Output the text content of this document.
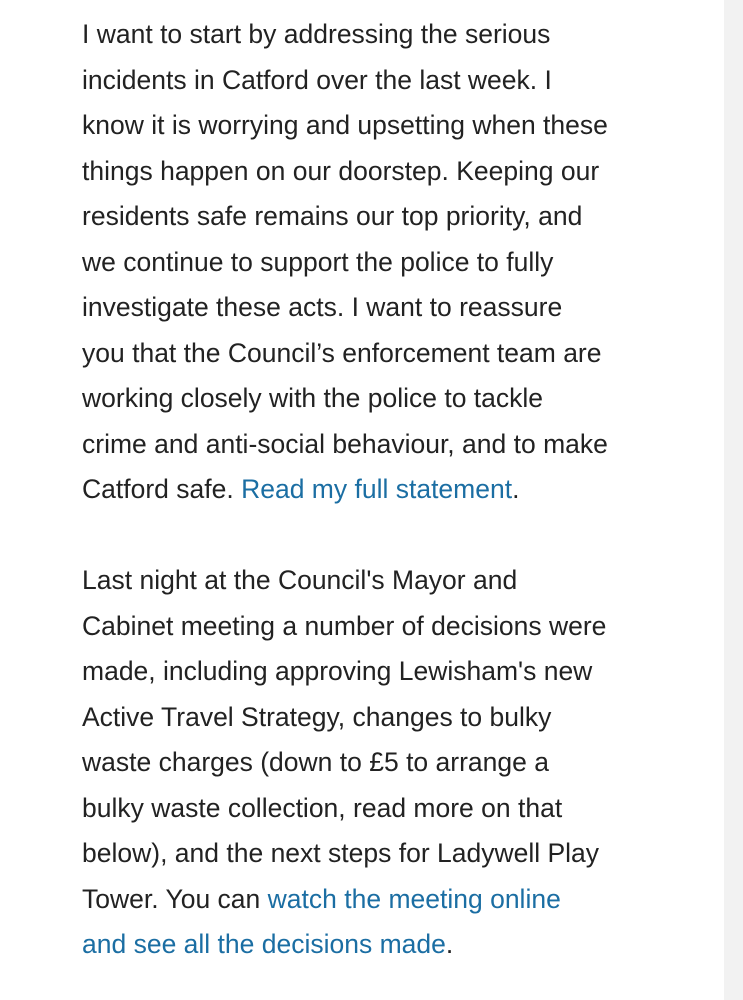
I want to start by addressing the serious
incidents in Catford over the last week. I
know it is worrying and upsetting when these
things happen on our doorstep. Keeping our
residents safe remains our top priority, and
we continue to support the police to fully
investigate these acts. I want to reassure
you that the Council’s enforcement team are
working closely with the police to tackle
crime and anti-social behaviour, and to make
Catford safe. Read my full statement.

Last night at the Council's Mayor and
Cabinet meeting a number of decisions were
made, including approving Lewisham's new
Active Travel Strategy, changes to bulky
waste charges (down to £5 to arrange a
bulky waste collection, read more on that
below), and the next steps for Ladywell Play
Tower. You can watch the meeting online
and see all the decisions made.
